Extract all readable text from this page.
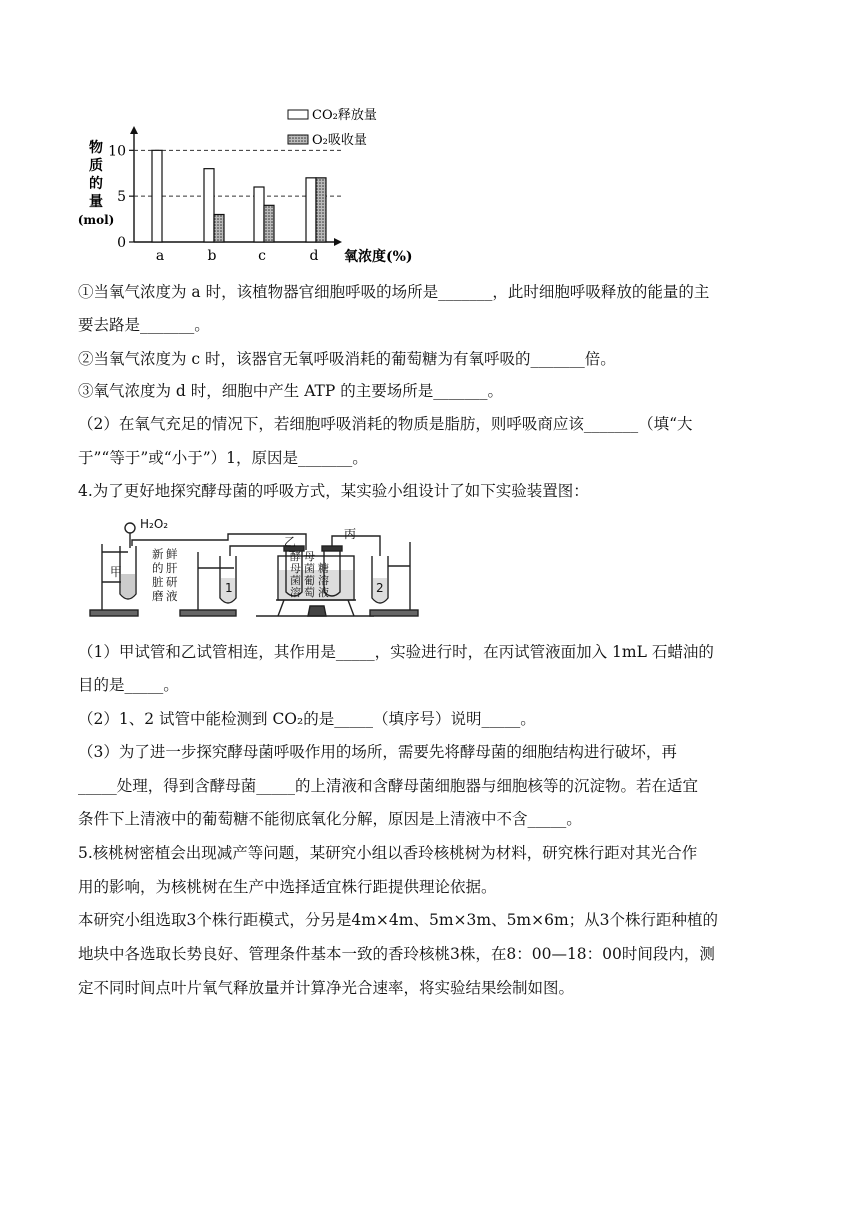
物
质
的
量
(mol)
0
5
10
a	b	c	d 氧浓度(%)
CO₂释放量
O₂吸收量
H₂O₂
甲
1	2
乙
丙
新 鲜
的 肝
脏 研
磨 液
酵
母
菌
溶
母
菌
葡
萄
糖
溶
液
①当氧气浓度为 a 时，该植物器官细胞呼吸的场所是_______，此时细胞呼吸释放的能量的主
要去路是_______。
②当氧气浓度为 c 时，该器官无氧呼吸消耗的葡萄糖为有氧呼吸的_______倍。
③氧气浓度为 d 时，细胞中产生 ATP 的主要场所是_______。
（2）在氧气充足的情况下，若细胞呼吸消耗的物质是脂肪，则呼吸商应该_______（填“大
于”“等于”或“小于”）1，原因是_______。
4.为了更好地探究酵母菌的呼吸方式，某实验小组设计了如下实验装置图：
（1）甲试管和乙试管相连，其作用是_____，实验进行时，在丙试管液面加入 1mL 石蜡油的
目的是_____。
（2）1、2 试管中能检测到 CO₂的是_____（填序号）说明_____。
（3）为了进一步探究酵母菌呼吸作用的场所，需要先将酵母菌的细胞结构进行破坏，再
_____处理，得到含酵母菌_____的上清液和含酵母菌细胞器与细胞核等的沉淀物。若在适宜
条件下上清液中的葡萄糖不能彻底氧化分解，原因是上清液中不含_____。
5.核桃树密植会出现减产等问题，某研究小组以香玲核桃树为材料，研究株行距对其光合作
用的影响，为核桃树在生产中选择适宜株行距提供理论依据。
本研究小组选取3个株行距模式，分另是4m×4m、5m×3m、5m×6m；从3个株行距种植的
地块中各选取长势良好、管理条件基本一致的香玲核桃3株，在8：00—18：00时间段内，测
定不同时间点叶片氧气释放量并计算净光合速率，将实验结果绘制如图。
